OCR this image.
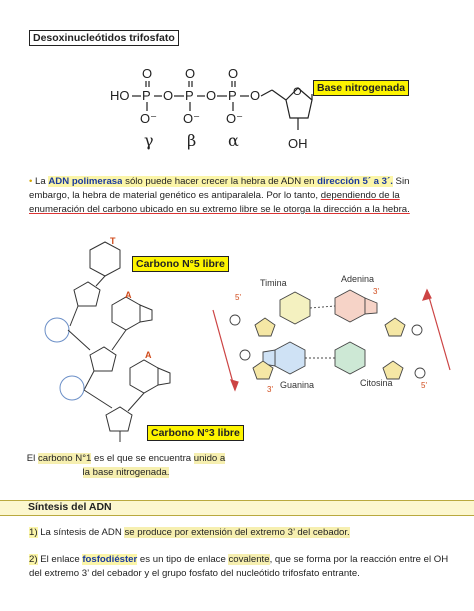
Desoxinucleótidos trifosfato
HO P
O
O⁻
O P
O
O⁻
O P
O
O⁻
O	O
OH
Base nitrogenada
γ β α
• La ADN polimerasa sólo puede hacer crecer la hebra de ADN en dirección 5´ a 3´. Sin embargo, la hebra de material genético es antiparalela. Por lo tanto, dependiendo de la enumeración del carbono ubicado en su extremo libre se le otorga la dirección a la hebra.
T
A
A
Carbono N°5 libre
Carbono N°3 libre
El carbono N°1 es el que se encuentra unido a la base nitrogenada.
Timina	Adenina
Guanina	Citosina
5'
3'
3'	5'
Síntesis del ADN
1) La síntesis de ADN se produce por extensión del extremo 3’ del cebador.
2) El enlace fosfodiéster es un tipo de enlace covalente, que se forma por la reacción entre el OH del extremo 3’ del cebador y el grupo fosfato del nucleótido trifosfato entrante.
